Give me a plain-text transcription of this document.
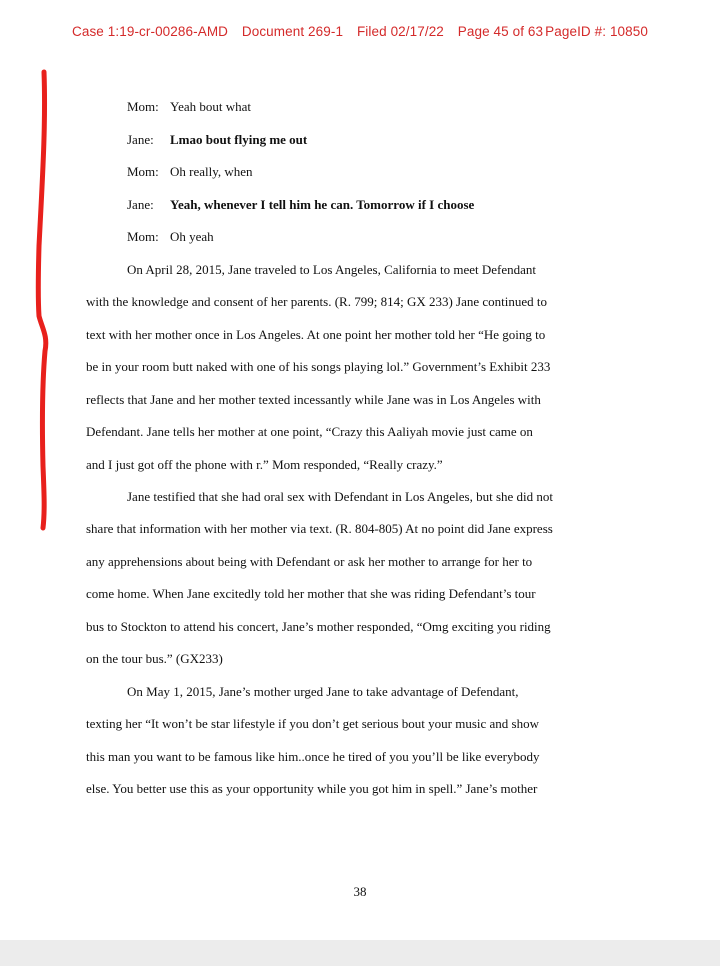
Case 1:19-cr-00286-AMD Document 269-1 Filed 02/17/22 Page 45 of 63 PageID #: 10850
Mom: Yeah bout what
Jane: Lmao bout flying me out
Mom: Oh really, when
Jane: Yeah, whenever I tell him he can. Tomorrow if I choose
Mom: Oh yeah
On April 28, 2015, Jane traveled to Los Angeles, California to meet Defendant
with the knowledge and consent of her parents. (R. 799; 814; GX 233) Jane continued to
text with her mother once in Los Angeles. At one point her mother told her “He going to
be in your room butt naked with one of his songs playing lol.” Government’s Exhibit 233
reflects that Jane and her mother texted incessantly while Jane was in Los Angeles with
Defendant. Jane tells her mother at one point, “Crazy this Aaliyah movie just came on
and I just got off the phone with r.” Mom responded, “Really crazy.”
Jane testified that she had oral sex with Defendant in Los Angeles, but she did not
share that information with her mother via text. (R. 804-805) At no point did Jane express
any apprehensions about being with Defendant or ask her mother to arrange for her to
come home. When Jane excitedly told her mother that she was riding Defendant’s tour
bus to Stockton to attend his concert, Jane’s mother responded, “Omg exciting you riding
on the tour bus.” (GX233)
On May 1, 2015, Jane’s mother urged Jane to take advantage of Defendant,
texting her “It won’t be star lifestyle if you don’t get serious bout your music and show
this man you want to be famous like him..once he tired of you you’ll be like everybody
else. You better use this as your opportunity while you got him in spell.” Jane’s mother
38
